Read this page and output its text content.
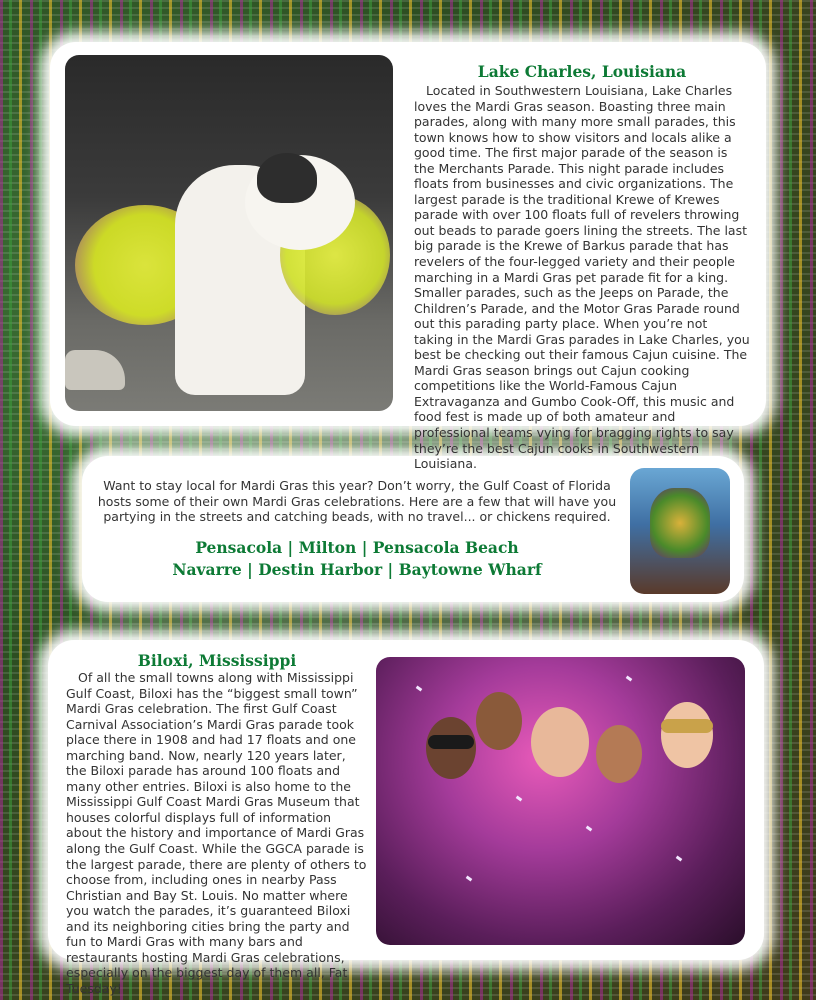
Lake Charles, Louisiana

Located in Southwestern Louisiana, Lake Charles loves the Mardi Gras season. Boasting three main parades, along with many more small parades, this town knows how to show visitors and locals alike a good time. The first major parade of the season is the Merchants Parade. This night parade includes floats from businesses and civic organizations. The largest parade is the traditional Krewe of Krewes parade with over 100 floats full of revelers throwing out beads to parade goers lining the streets. The last big parade is the Krewe of Barkus parade that has revelers of the four-legged variety and their people marching in a Mardi Gras pet parade fit for a king. Smaller parades, such as the Jeeps on Parade, the Children’s Parade, and the Motor Gras Parade round out this parading party place. When you’re not taking in the Mardi Gras parades in Lake Charles, you best be checking out their famous Cajun cuisine. The Mardi Gras season brings out Cajun cooking competitions like the World-Famous Cajun Extravaganza and Gumbo Cook-Off, this music and food fest is made up of both amateur and professional teams vying for bragging rights to say they’re the best Cajun cooks in Southwestern Louisiana.

Want to stay local for Mardi Gras this year? Don’t worry, the Gulf Coast of Florida hosts some of their own Mardi Gras celebrations. Here are a few that will have you partying in the streets and catching beads, with no travel... or chickens required.

Pensacola | Milton | Pensacola Beach

Navarre | Destin Harbor | Baytowne Wharf

Biloxi, Mississippi

Of all the small towns along with Mississippi Gulf Coast, Biloxi has the “biggest small town” Mardi Gras celebration. The first Gulf Coast Carnival Association’s Mardi Gras parade took place there in 1908 and had 17 floats and one marching band. Now, nearly 120 years later, the Biloxi parade has around 100 floats and many other entries. Biloxi is also home to the Mississippi Gulf Coast Mardi Gras Museum that houses colorful displays full of information about the history and importance of Mardi Gras along the Gulf Coast. While the GGCA parade is the largest parade, there are plenty of others to choose from, including ones in nearby Pass Christian and Bay St. Louis. No matter where you watch the parades, it’s guaranteed Biloxi and its neighboring cities bring the party and fun to Mardi Gras with many bars and restaurants hosting Mardi Gras celebrations, especially on the biggest day of them all, Fat Tuesday!
